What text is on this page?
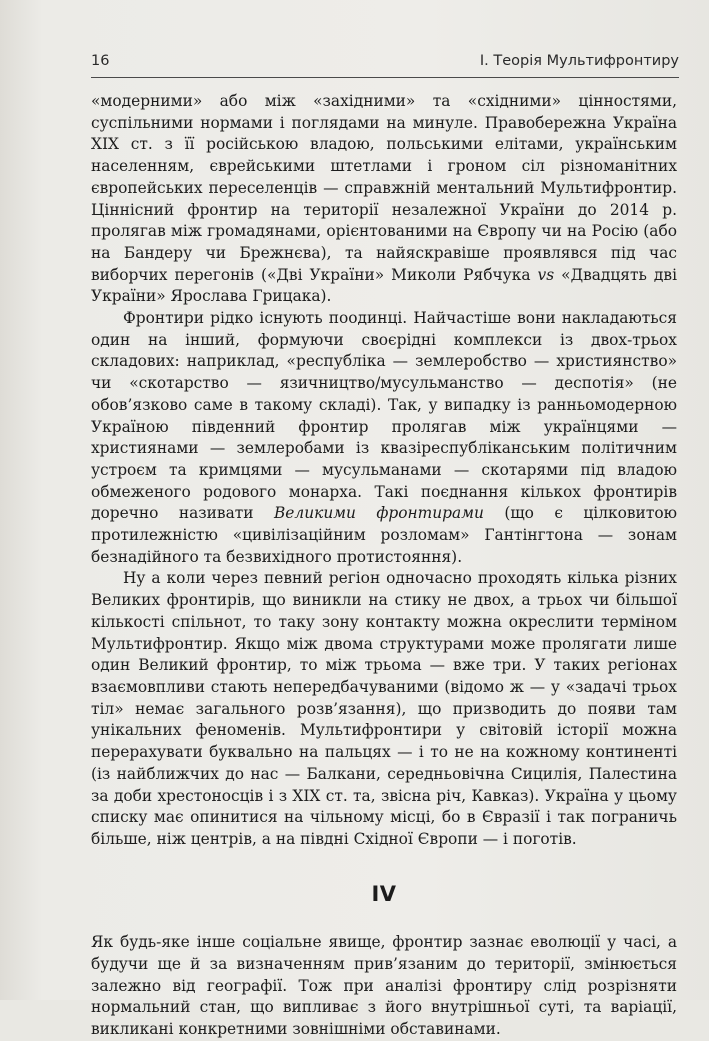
16	I. Теорія Мультифронтиру

«модерними» або між «західними» та «східними» цінностями, суспільними нормами і поглядами на минуле. Правобережна Україна XIX ст. з її російською владою, польськими елітами, українським населенням, єврейськими штетлами і гроном сіл різноманітних європейських переселенців — справжній ментальний Мультифронтир. Ціннісний фронтир на території незалежної України до 2014 р. пролягав між громадянами, орієнтованими на Європу чи на Росію (або на Бандеру чи Брежнєва), та найяскравіше проявлявся під час виборчих перегонів («Дві України» Миколи Рябчука vs «Двадцять дві України» Ярослава Грицака).

Фронтири рідко існують поодинці. Найчастіше вони накладаються один на інший, формуючи своєрідні комплекси із двох-трьох складових: наприклад, «республіка — землеробство — християнство» чи «скотарство — язичництво/мусульманство — деспотія» (не обов’язково саме в такому складі). Так, у випадку із ранньомодерною Україною південний фронтир пролягав між українцями — християнами — землеробами із квазіреспубліканським політичним устроєм та кримцями — мусульманами — скотарями під владою обмеженого родового монарха. Такі поєднання кількох фронтирів доречно називати Великими фронтирами (що є цілковитою протилежністю «цивілізаційним розломам» Гантінгтона — зонам безнадійного та безвихідного протистояння).

Ну а коли через певний регіон одночасно проходять кілька різних Великих фронтирів, що виникли на стику не двох, а трьох чи більшої кількості спільнот, то таку зону контакту можна окреслити терміном Мультифронтир. Якщо між двома структурами може пролягати лише один Великий фронтир, то між трьома — вже три. У таких регіонах взаємовпливи стають непередбачуваними (відомо ж — у «задачі трьох тіл» немає загального розв’язання), що призводить до появи там унікальних феноменів. Мультифронтири у світовій історії можна перерахувати буквально на пальцях — і то не на кожному континенті (із найближчих до нас — Балкани, середньовічна Сицилія, Палестина за доби хрестоносців і з XIX ст. та, звісна річ, Кавказ). Україна у цьому списку має опинитися на чільному місці, бо в Євразії і так пограничь більше, ніж центрів, а на півдні Східної Європи — і поготів.

IV

Як будь-яке інше соціальне явище, фронтир зазнає еволюції у часі, а будучи ще й за визначенням прив’язаним до території, змінюється залежно від географії. Тож при аналізі фронтиру слід розрізняти нормальний стан, що випливає з його внутрішньої суті, та варіації, викликані конкретними зовнішніми обставинами.
